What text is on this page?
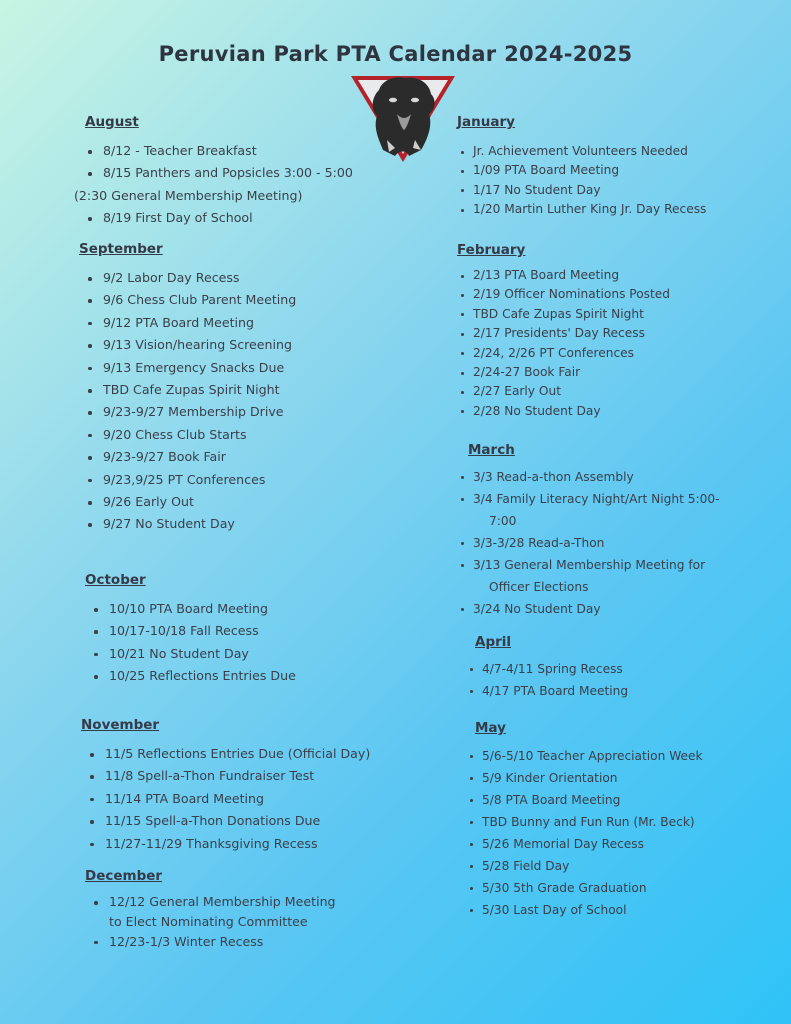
Peruvian Park PTA Calendar 2024-2025
August
8/12 - Teacher Breakfast
8/15 Panthers and Popsicles 3:00 - 5:00
(2:30 General Membership Meeting)
8/19 First Day of School
September
9/2 Labor Day Recess
9/6 Chess Club Parent Meeting
9/12 PTA Board Meeting
9/13 Vision/hearing Screening
9/13 Emergency Snacks Due
TBD Cafe Zupas Spirit Night
9/23-9/27 Membership Drive
9/20 Chess Club Starts
9/23-9/27 Book Fair
9/23,9/25 PT Conferences
9/26 Early Out
9/27 No Student Day
October
10/10 PTA Board Meeting
10/17-10/18 Fall Recess
10/21 No Student Day
10/25 Reflections Entries Due
November
11/5 Reflections Entries Due (Official Day)
11/8 Spell-a-Thon Fundraiser Test
11/14 PTA Board Meeting
11/15 Spell-a-Thon Donations Due
11/27-11/29 Thanksgiving Recess
December
12/12 General Membership Meeting to Elect Nominating Committee
12/23-1/3 Winter Recess
January
Jr. Achievement Volunteers Needed
1/09 PTA Board Meeting
1/17 No Student Day
1/20 Martin Luther King Jr. Day Recess
February
2/13 PTA Board Meeting
2/19 Officer Nominations Posted
TBD Cafe Zupas Spirit Night
2/17 Presidents' Day Recess
2/24, 2/26 PT Conferences
2/24-27 Book Fair
2/27 Early Out
2/28 No Student Day
March
3/3 Read-a-thon Assembly
3/4 Family Literacy Night/Art Night 5:00-
7:00
3/3-3/28 Read-a-Thon
3/13 General Membership Meeting for
Officer Elections
3/24 No Student Day
April
4/7-4/11 Spring Recess
4/17 PTA Board Meeting
May
5/6-5/10 Teacher Appreciation Week
5/9 Kinder Orientation
5/8 PTA Board Meeting
TBD Bunny and Fun Run (Mr. Beck)
5/26 Memorial Day Recess
5/28 Field Day
5/30 5th Grade Graduation
5/30 Last Day of School
